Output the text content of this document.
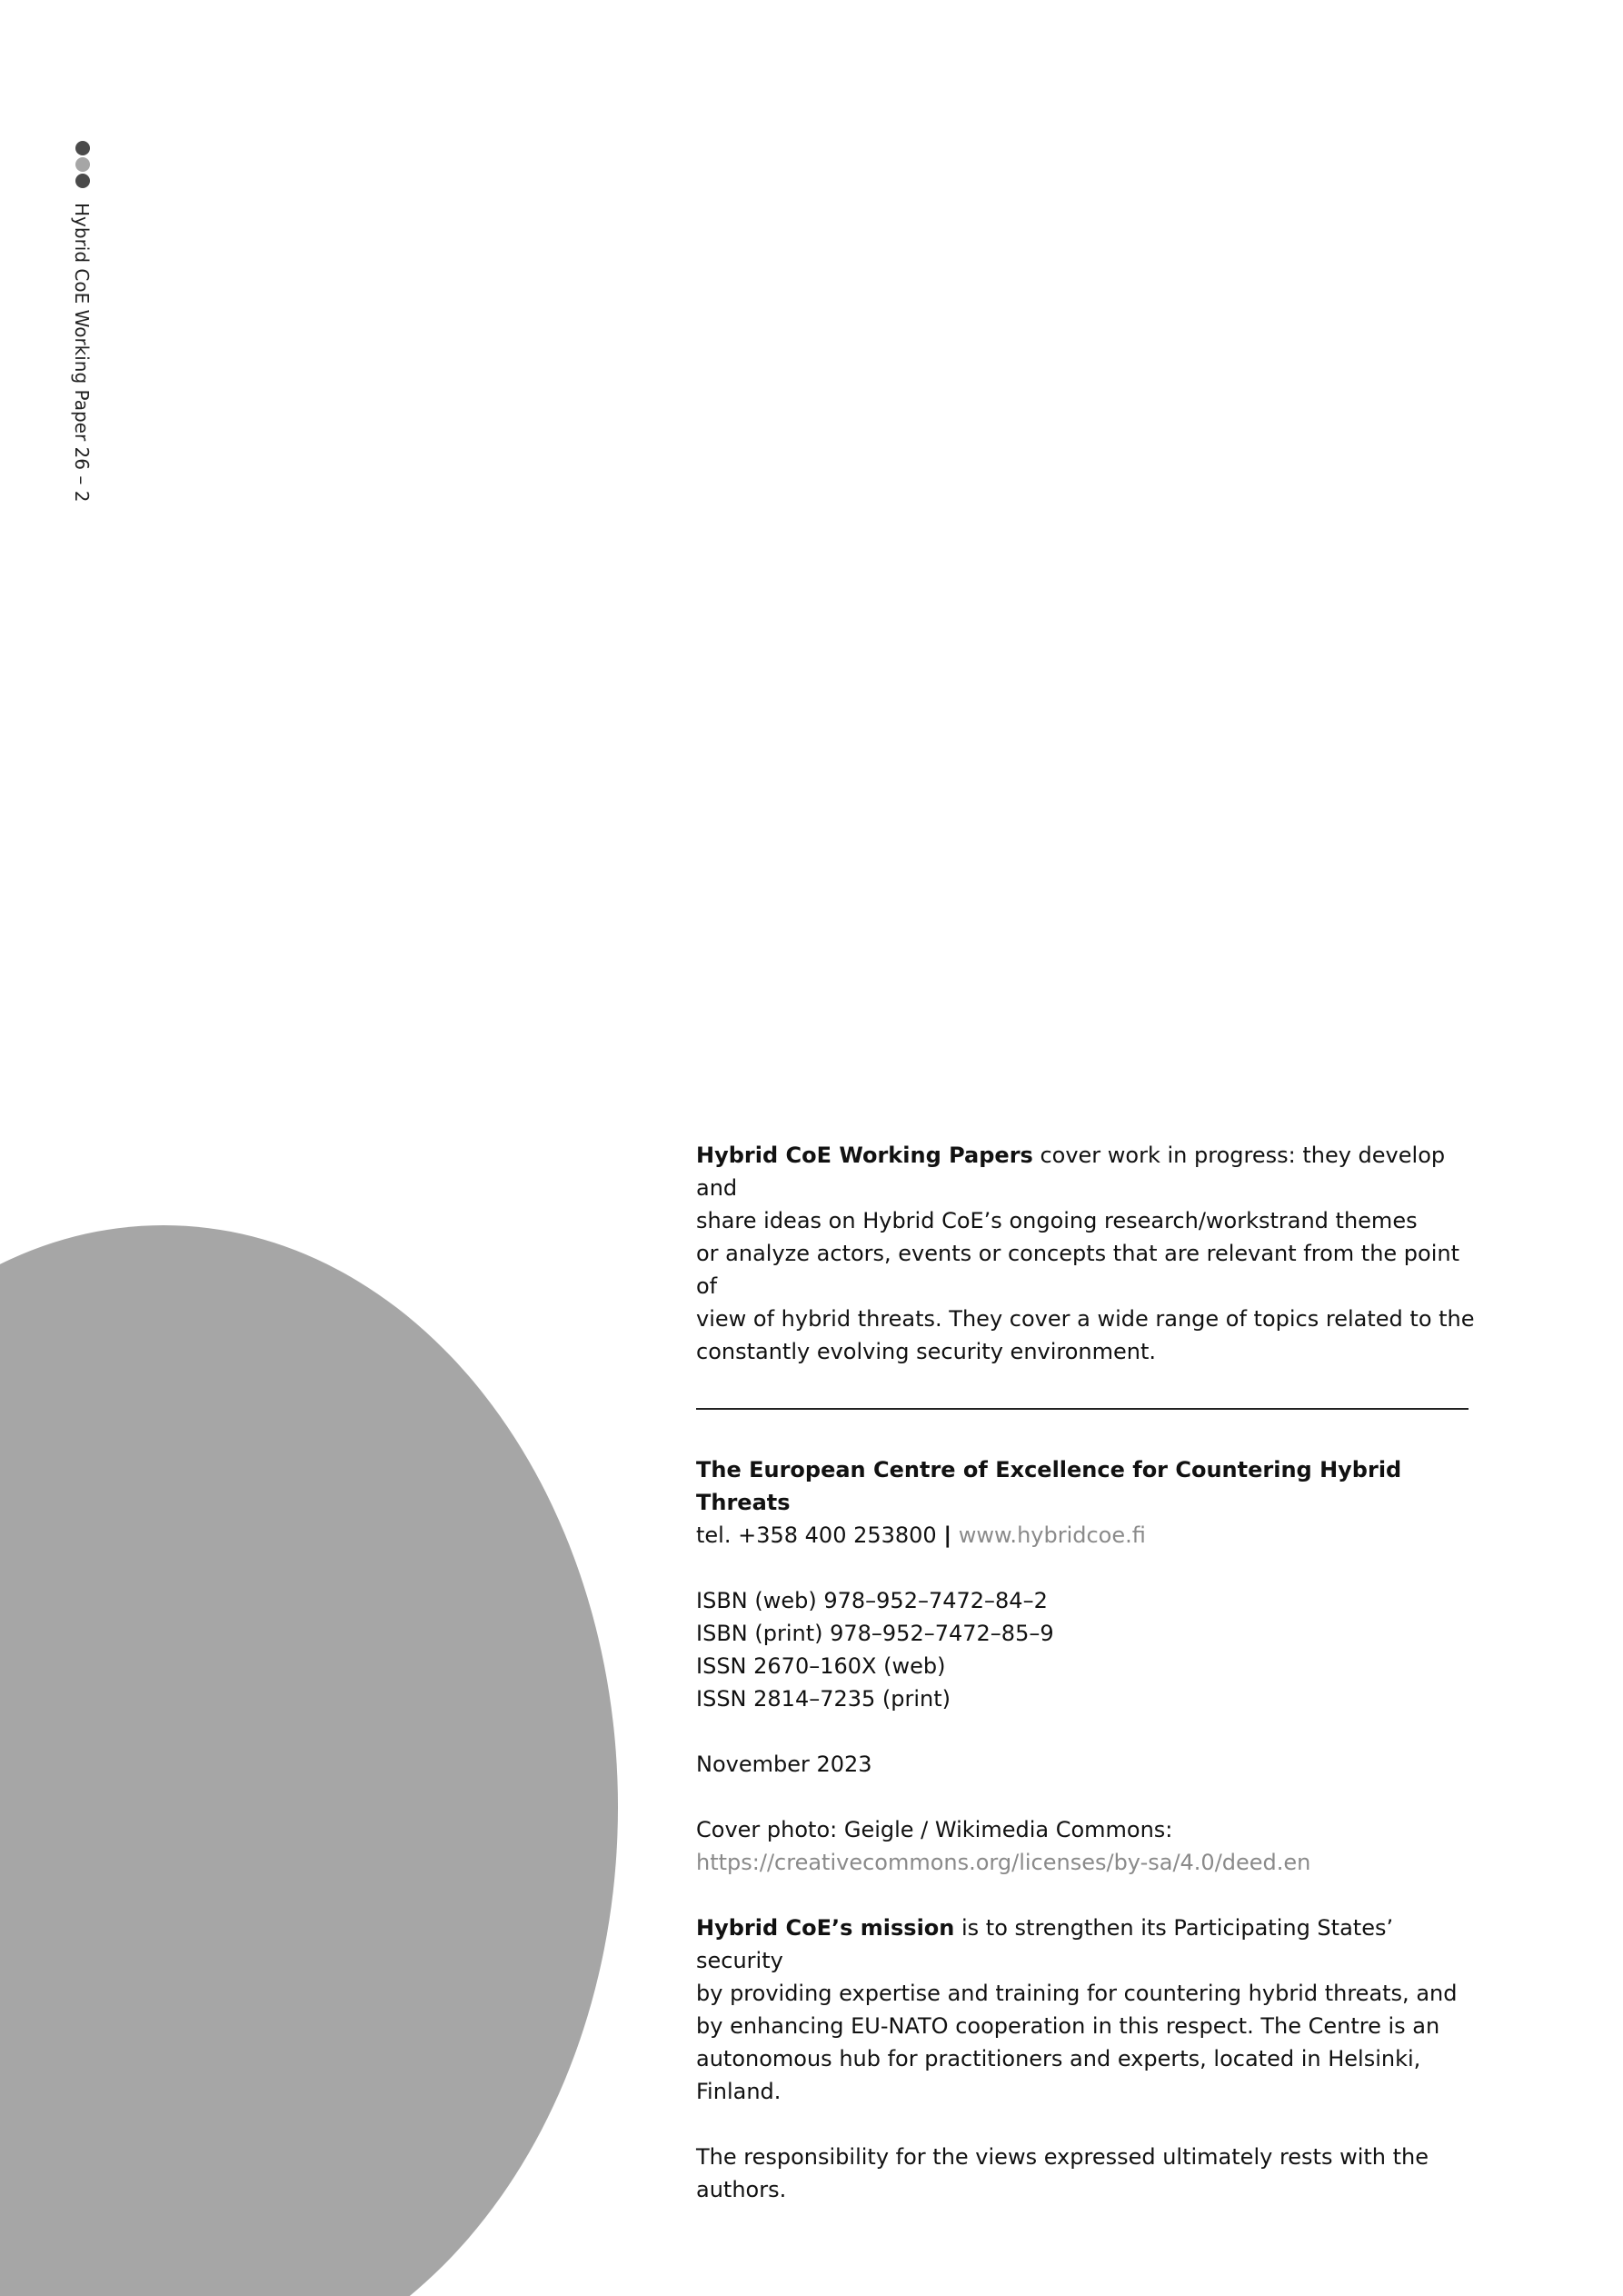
Hybrid CoE Working Paper 26 – 2

Hybrid CoE Working Papers cover work in progress: they develop and
share ideas on Hybrid CoE’s ongoing research/workstrand themes
or analyze actors, events or concepts that are relevant from the point of
view of hybrid threats. They cover a wide range of topics related to the
constantly evolving security environment.

The European Centre of Excellence for Countering Hybrid Threats
tel. +358 400 253800 | www.hybridcoe.fi

ISBN (web) 978–952–7472–84–2
ISBN (print) 978–952–7472–85–9
ISSN 2670–160X (web)
ISSN 2814–7235 (print)

November 2023

Cover photo: Geigle / Wikimedia Commons:
https://creativecommons.org/licenses/by-sa/4.0/deed.en

Hybrid CoE’s mission is to strengthen its Participating States’ security
by providing expertise and training for countering hybrid threats, and
by enhancing EU-NATO cooperation in this respect. The Centre is an
autonomous hub for practitioners and experts, located in Helsinki, Finland.

The responsibility for the views expressed ultimately rests with the authors.
